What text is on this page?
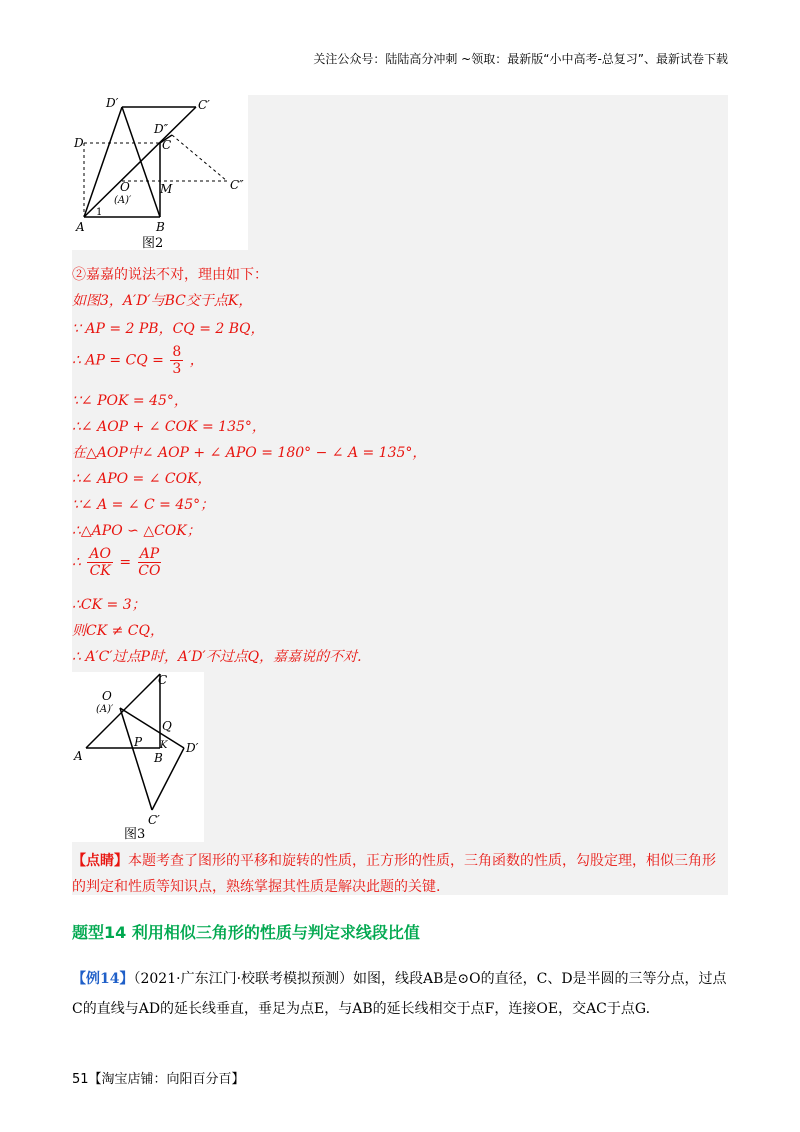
关注公众号：陆陆高分冲刺 ~领取：最新版“小中高考-总复习”、最新试卷下载
D′	C′
D″
D	C
O	C″
M
(A)′
1
A	B
图2
②嘉嘉的说法不对，理由如下：
如图3，A′D′与BC交于点K，
∵ AP = 2 PB，CQ = 2 BQ，
∴ AP = CQ = $\frac{8}{3}$ ，
∵∠ POK = 45°，
∴∠ AOP + ∠ COK = 135°，
在△AOP中∠ AOP + ∠ APO = 180° − ∠ A = 135°，
∴∠ APO = ∠ COK，
∵∠ A = ∠ C = 45°；
∴△APO ∽ △COK；
∴ $\frac{AO}{CK} = \frac{AP}{CO}$
∴CK = 3；
则CK ≠ CQ，
∴ A′C′过点P时，A′D′不过点Q，嘉嘉说的不对.
C
O
(A)′
Q
P K D′
A	B
C′
图3
【点睛】本题考查了图形的平移和旋转的性质，正方形的性质，三角函数的性质，勾股定理，相似三角形的判定和性质等知识点，熟练掌握其性质是解决此题的关键.
题型14 利用相似三角形的性质与判定求线段比值
【例14】（2021·广东江门·校联考模拟预测）如图，线段AB是⊙O的直径，C、D是半圆的三等分点，过点C的直线与AD的延长线垂直，垂足为点E，与AB的延长线相交于点F，连接OE，交AC于点G.
51【淘宝店铺：向阳百分百】
